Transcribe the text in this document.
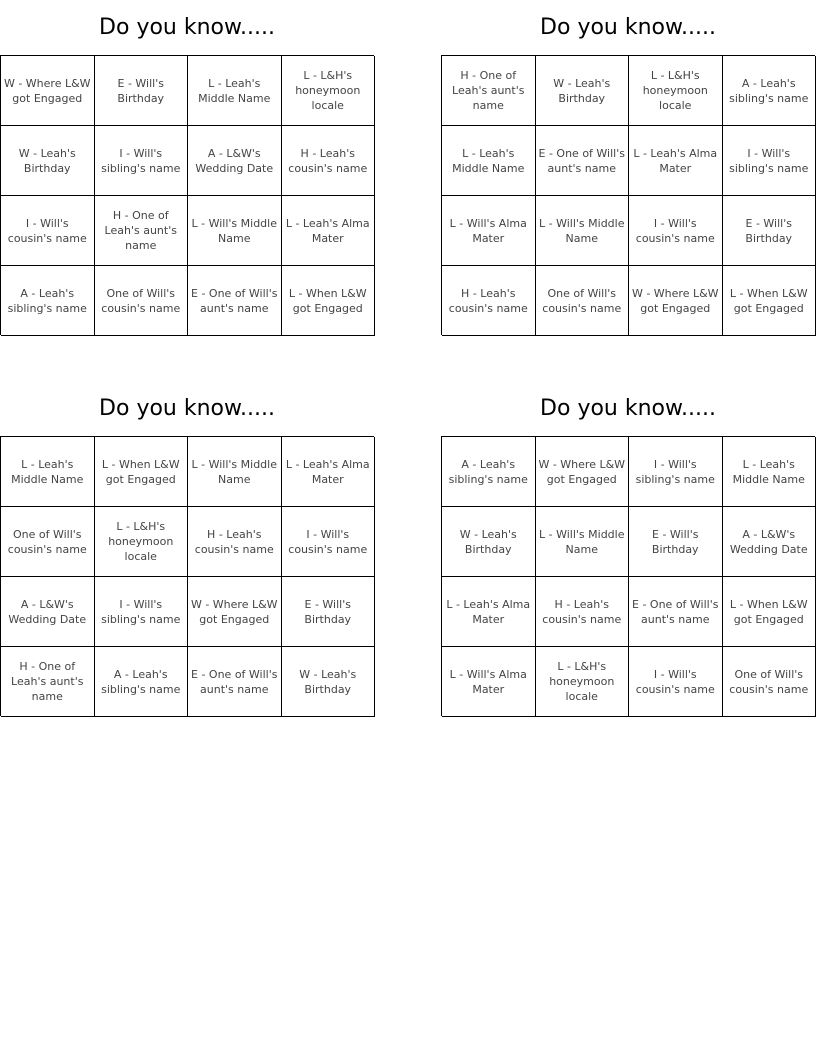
Do you know.....
W - Where L&W got Engaged
E - Will's Birthday
L - Leah's Middle Name
L - L&H's honeymoon locale
W - Leah's Birthday
I - Will's sibling's name
A - L&W's Wedding Date
H - Leah's cousin's name
I - Will's cousin's name
H - One of Leah's aunt's name
L - Will's Middle Name
L - Leah's Alma Mater
A - Leah's sibling's name
One of Will's cousin's name
E - One of Will's aunt's name
L - When L&W got Engaged
Do you know.....
H - One of Leah's aunt's name
W - Leah's Birthday
L - L&H's honeymoon locale
A - Leah's sibling's name
L - Leah's Middle Name
E - One of Will's aunt's name
L - Leah's Alma Mater
I - Will's sibling's name
L - Will's Alma Mater
L - Will's Middle Name
I - Will's cousin's name
E - Will's Birthday
H - Leah's cousin's name
One of Will's cousin's name
W - Where L&W got Engaged
L - When L&W got Engaged
Do you know.....
L - Leah's Middle Name
L - When L&W got Engaged
L - Will's Middle Name
L - Leah's Alma Mater
One of Will's cousin's name
L - L&H's honeymoon locale
H - Leah's cousin's name
I - Will's cousin's name
A - L&W's Wedding Date
I - Will's sibling's name
W - Where L&W got Engaged
E - Will's Birthday
H - One of Leah's aunt's name
A - Leah's sibling's name
E - One of Will's aunt's name
W - Leah's Birthday
Do you know.....
A - Leah's sibling's name
W - Where L&W got Engaged
I - Will's sibling's name
L - Leah's Middle Name
W - Leah's Birthday
L - Will's Middle Name
E - Will's Birthday
A - L&W's Wedding Date
L - Leah's Alma Mater
H - Leah's cousin's name
E - One of Will's aunt's name
L - When L&W got Engaged
L - Will's Alma Mater
L - L&H's honeymoon locale
I - Will's cousin's name
One of Will's cousin's name
